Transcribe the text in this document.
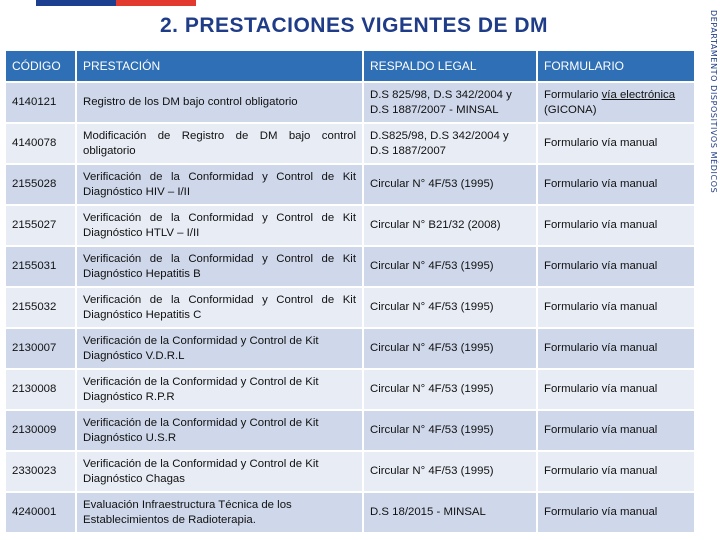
2. PRESTACIONES VIGENTES DE DM	DEPARTAMENTO DISPOSITIVOS MÉDICOS
CÓDIGO	PRESTACIÓN	RESPALDO LEGAL	FORMULARIO
4140121	Registro de los DM bajo control obligatorio	D.S 825/98, D.S 342/2004 y D.S 1887/2007 - MINSAL	Formulario vía electrónica (GICONA)
4140078	Modificación de Registro de DM bajo control obligatorio	D.S825/98, D.S 342/2004 y D.S 1887/2007	Formulario vía manual
2155028	Verificación de la Conformidad y Control de Kit Diagnóstico HIV – I/II	Circular N° 4F/53 (1995)	Formulario vía manual
2155027	Verificación de la Conformidad y Control de Kit Diagnóstico HTLV – I/II	Circular N° B21/32 (2008)	Formulario vía manual
2155031	Verificación de la Conformidad y Control de Kit Diagnóstico Hepatitis B	Circular N° 4F/53 (1995)	Formulario vía manual
2155032	Verificación de la Conformidad y Control de Kit Diagnóstico Hepatitis C	Circular N° 4F/53 (1995)	Formulario vía manual
2130007	Verificación de la Conformidad y Control de Kit Diagnóstico V.D.R.L	Circular N° 4F/53 (1995)	Formulario vía manual
2130008	Verificación de la Conformidad y Control de Kit Diagnóstico R.P.R	Circular N° 4F/53 (1995)	Formulario vía manual
2130009	Verificación de la Conformidad y Control de Kit Diagnóstico U.S.R	Circular N° 4F/53 (1995)	Formulario vía manual
2330023	Verificación de la Conformidad y Control de Kit Diagnóstico Chagas	Circular N° 4F/53 (1995)	Formulario vía manual
4240001	Evaluación Infraestructura Técnica de los Establecimientos de Radioterapia.	D.S 18/2015 - MINSAL	Formulario vía manual
